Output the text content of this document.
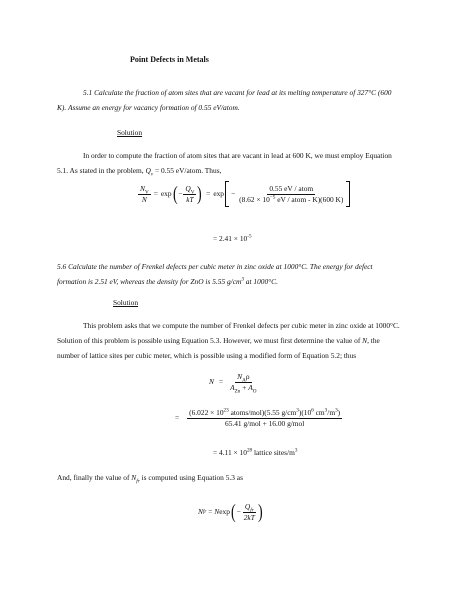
Point Defects in Metals
5.1 Calculate the fraction of atom sites that are vacant for lead at its melting temperature of 327°C (600
K). Assume an energy for vacancy formation of 0.55 eV/atom.
Solution
In order to compute the fraction of atom sites that are vacant in lead at 600 K, we must employ Equation
5.1. As stated in the problem, $Q_v = 0.55$ eV/atom. Thus,
$\frac{N_V}{N} = \exp$ ( − $\frac{Q_V}{kT}$ ) = $\exp - \frac{\text{0.55 eV / atom}}{(8.62 \times 10^{-5} eV / atom - K)(600 K)}$
= $2.41 \times 10^{-5}$
5.6 Calculate the number of Frenkel defects per cubic meter in zinc oxide at 1000°C. The energy for defect
formation is 2.51 eV, whereas the density for ZnO is 5.55 $g/cm^3$ at 1000°C.
Solution
This problem asks that we compute the number of Frenkel defects per cubic meter in zinc oxide at 1000°C.
Solution of this problem is possible using Equation 5.3. However, we must first determine the value of N, the
number of lattice sites per cubic meter, which is possible using a modified form of Equation 5.2; thus
$N = \frac{N_A\rho}{A_{Zn} + A_O}$
= $\frac{(6.022 \times 10^{23} atoms/mol)(5.55 g/cm^3)(10^6 cm^3/m^3)}{\text{65.41 g/mol + 16.00 g/mol}}$
= $4.11 \times 10^{28}$ lattice sites/$m^3$
And, finally the value of $N_{fr}$ is computed using Equation 5.3 as
N fr = N exp ( − $\frac{Q_{fr}}{2kT}$ )
